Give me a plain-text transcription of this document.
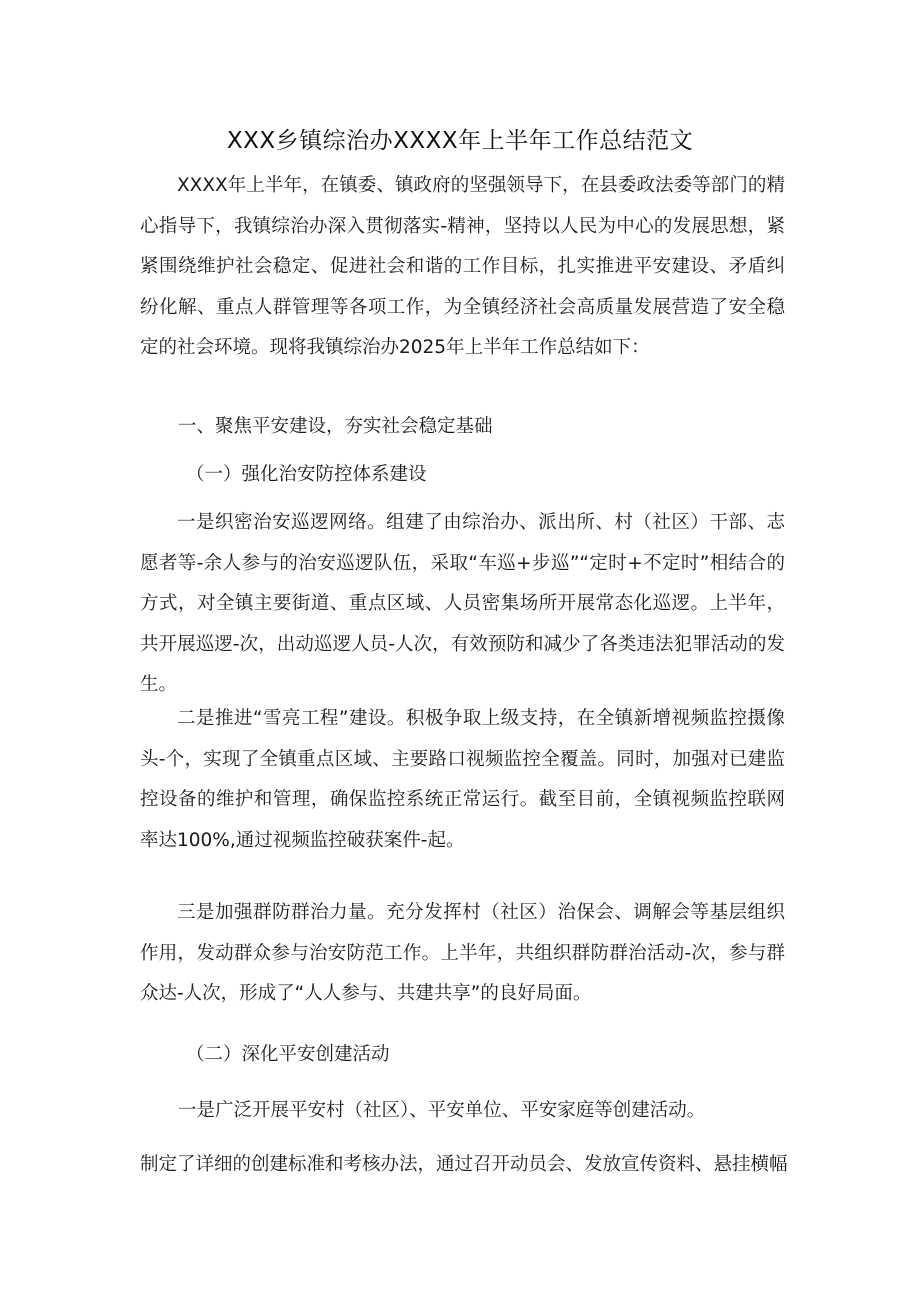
XXX乡镇综治办XXXX年上半年工作总结范文

XXXX年上半年，在镇委、镇政府的坚强领导下，在县委政法委等部门的精心指导下，我镇综治办深入贯彻落实-精神，坚持以人民为中心的发展思想，紧紧围绕维护社会稳定、促进社会和谐的工作目标，扎实推进平安建设、矛盾纠纷化解、重点人群管理等各项工作，为全镇经济社会高质量发展营造了安全稳定的社会环境。现将我镇综治办2025年上半年工作总结如下：

一、聚焦平安建设，夯实社会稳定基础

（一）强化治安防控体系建设

一是织密治安巡逻网络。组建了由综治办、派出所、村（社区）干部、志愿者等-余人参与的治安巡逻队伍，采取“车巡+步巡”“定时+不定时”相结合的方式，对全镇主要街道、重点区域、人员密集场所开展常态化巡逻。上半年，共开展巡逻-次，出动巡逻人员-人次，有效预防和减少了各类违法犯罪活动的发生。

二是推进“雪亮工程”建设。积极争取上级支持，在全镇新增视频监控摄像头-个，实现了全镇重点区域、主要路口视频监控全覆盖。同时，加强对已建监控设备的维护和管理，确保监控系统正常运行。截至目前，全镇视频监控联网率达100%,通过视频监控破获案件-起。

三是加强群防群治力量。充分发挥村（社区）治保会、调解会等基层组织作用，发动群众参与治安防范工作。上半年，共组织群防群治活动-次，参与群众达-人次，形成了“人人参与、共建共享”的良好局面。

（二）深化平安创建活动

一是广泛开展平安村（社区）、平安单位、平安家庭等创建活动。

制定了详细的创建标准和考核办法，通过召开动员会、发放宣传资料、悬挂横幅
